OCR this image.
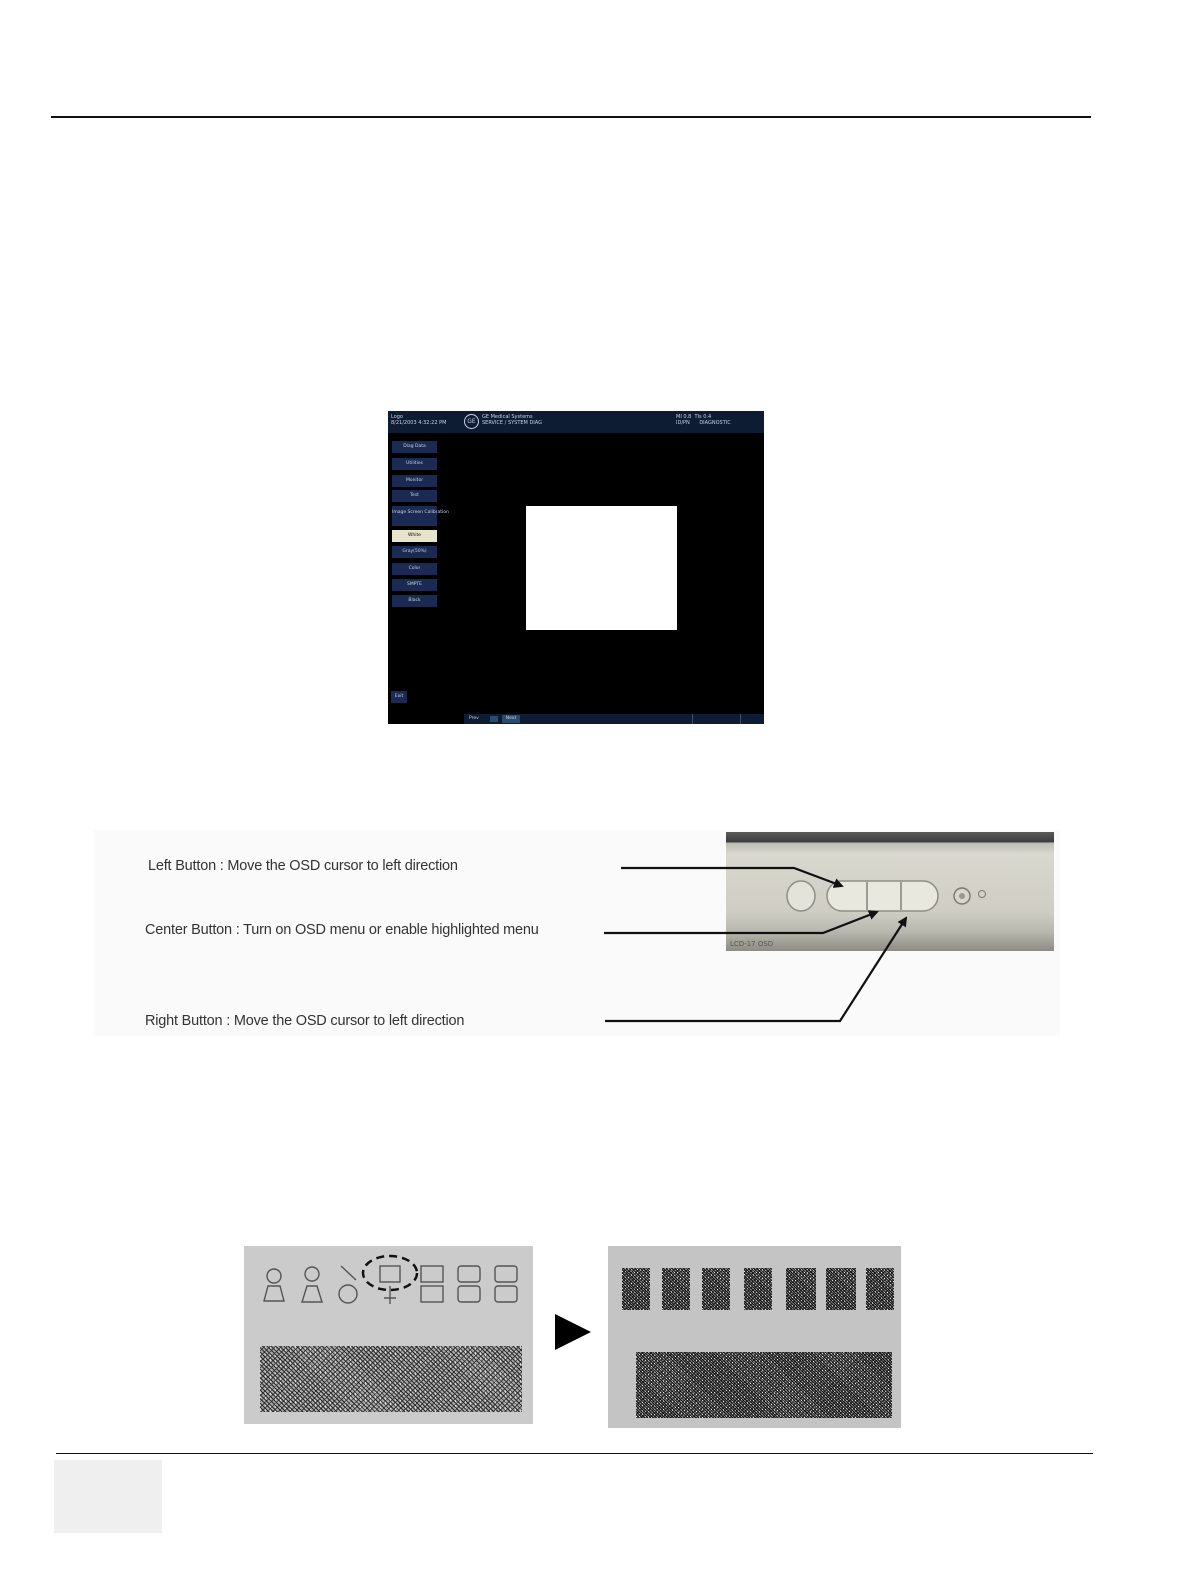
Logo
8/21/2003 4:32:22 PM	GE
GE Medical Systems
SERVICE / SYSTEM DIAG
MI 0.8 TIs 0.4
ID/PN DIAGNOSTIC
Diag Data
Utilities
Monitor
Test
Image Screen Calibration
White
Gray(50%)
Color
SMPTE
Black
Exit
Prev	Next
Left Button : Move the OSD cursor to left direction
Center Button : Turn on OSD menu or enable highlighted menu
Right Button : Move the OSD cursor to left direction
LCD-17 OSD
